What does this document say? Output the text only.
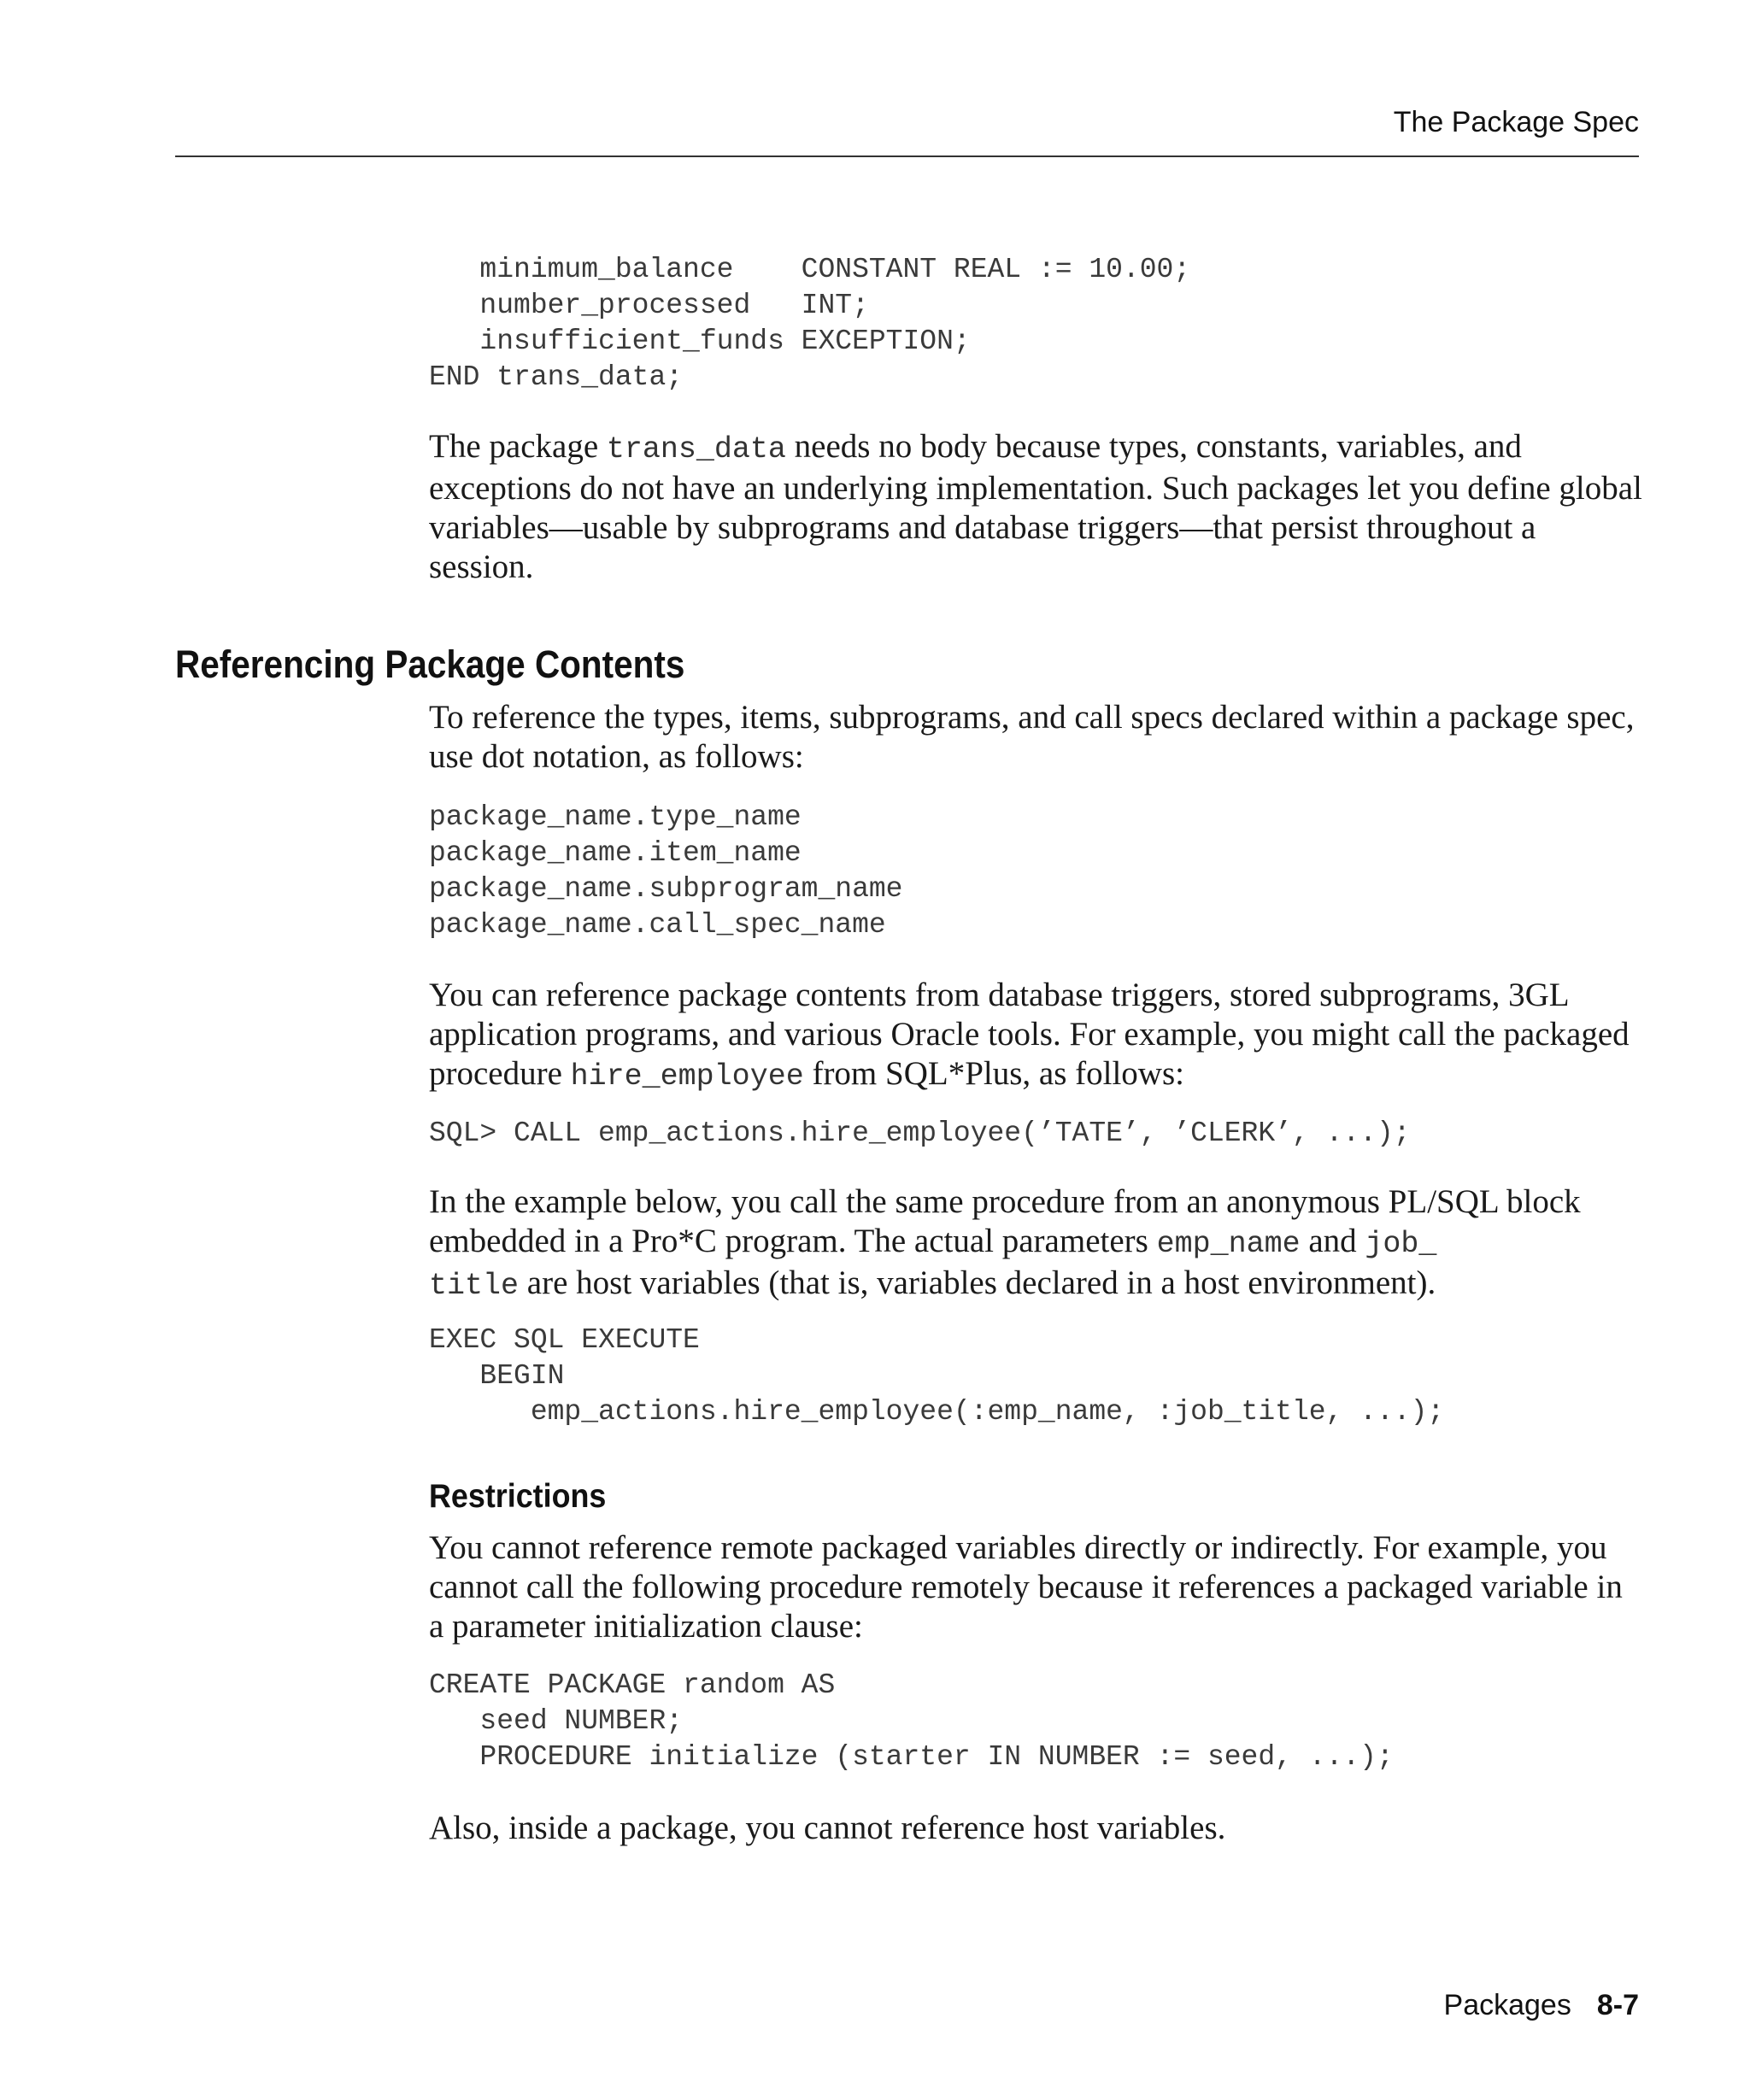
The Package Spec
minimum_balance    CONSTANT REAL := 10.00;
number_processed   INT;
insufficient_funds EXCEPTION;
END trans_data;

The package trans_data needs no body because types, constants, variables, and exceptions do not have an underlying implementation. Such packages let you define global variables—usable by subprograms and database triggers—that persist throughout a session.

Referencing Package Contents

To reference the types, items, subprograms, and call specs declared within a package spec, use dot notation, as follows:

package_name.type_name
package_name.item_name
package_name.subprogram_name
package_name.call_spec_name

You can reference package contents from database triggers, stored subprograms, 3GL application programs, and various Oracle tools. For example, you might call the packaged procedure hire_employee from SQL*Plus, as follows:

SQL> CALL emp_actions.hire_employee(’TATE’, ’CLERK’, ...);

In the example below, you call the same procedure from an anonymous PL/SQL block embedded in a Pro*C program. The actual parameters emp_name and job_
title are host variables (that is, variables declared in a host environment).

EXEC SQL EXECUTE
BEGIN
emp_actions.hire_employee(:emp_name, :job_title, ...);
Restrictions

You cannot reference remote packaged variables directly or indirectly. For example, you cannot call the following procedure remotely because it references a packaged variable in a parameter initialization clause:

CREATE PACKAGE random AS
seed NUMBER;
PROCEDURE initialize (starter IN NUMBER := seed, ...);

Also, inside a package, you cannot reference host variables.

Packages 8-7
